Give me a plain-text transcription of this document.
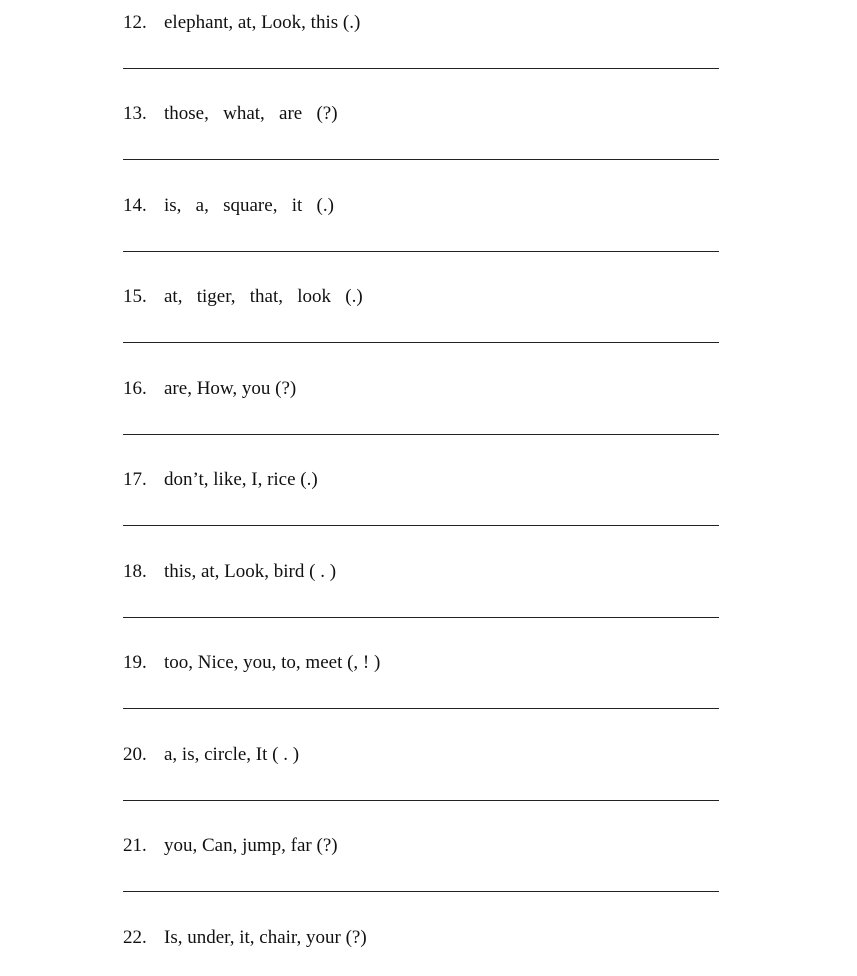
12. elephant, at, Look, this (.)
13. those,   what,   are   (?)
14. is,   a,   square,   it   (.)
15. at,   tiger,   that,   look   (.)
16. are, How, you (?)
17. don’t, like, I, rice (.)
18. this, at, Look, bird ( . )
19. too, Nice, you, to, meet (, ! )
20. a, is, circle, It ( . )
21. you, Can, jump, far (?)
22. Is, under, it, chair, your (?)
